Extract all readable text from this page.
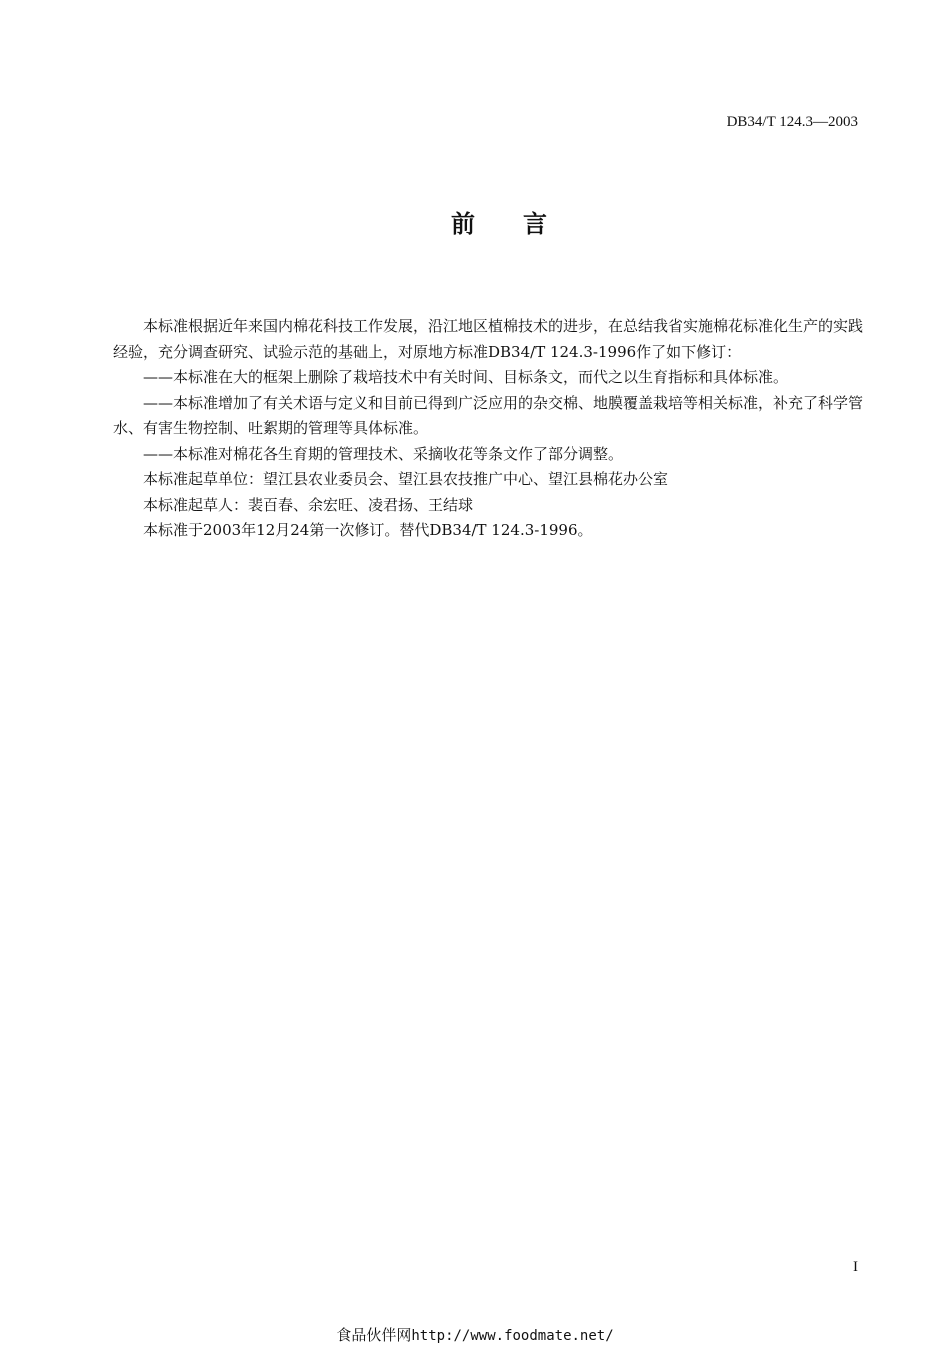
DB34/T 124.3—2003
前言

本标准根据近年来国内棉花科技工作发展，沿江地区植棉技术的进步，在总结我省实施棉花标准化生产的实践经验，充分调查研究、试验示范的基础上，对原地方标准DB34/T 124.3-1996作了如下修订：

——本标准在大的框架上删除了栽培技术中有关时间、目标条文，而代之以生育指标和具体标准。

——本标准增加了有关术语与定义和目前已得到广泛应用的杂交棉、地膜覆盖栽培等相关标准，补充了科学管水、有害生物控制、吐絮期的管理等具体标准。

——本标准对棉花各生育期的管理技术、采摘收花等条文作了部分调整。

本标准起草单位：望江县农业委员会、望江县农技推广中心、望江县棉花办公室

本标准起草人：裴百春、余宏旺、凌君扬、王结球

本标准于2003年12月24第一次修订。替代DB34/T 124.3-1996。

I
食品伙伴网http://www.foodmate.net/
